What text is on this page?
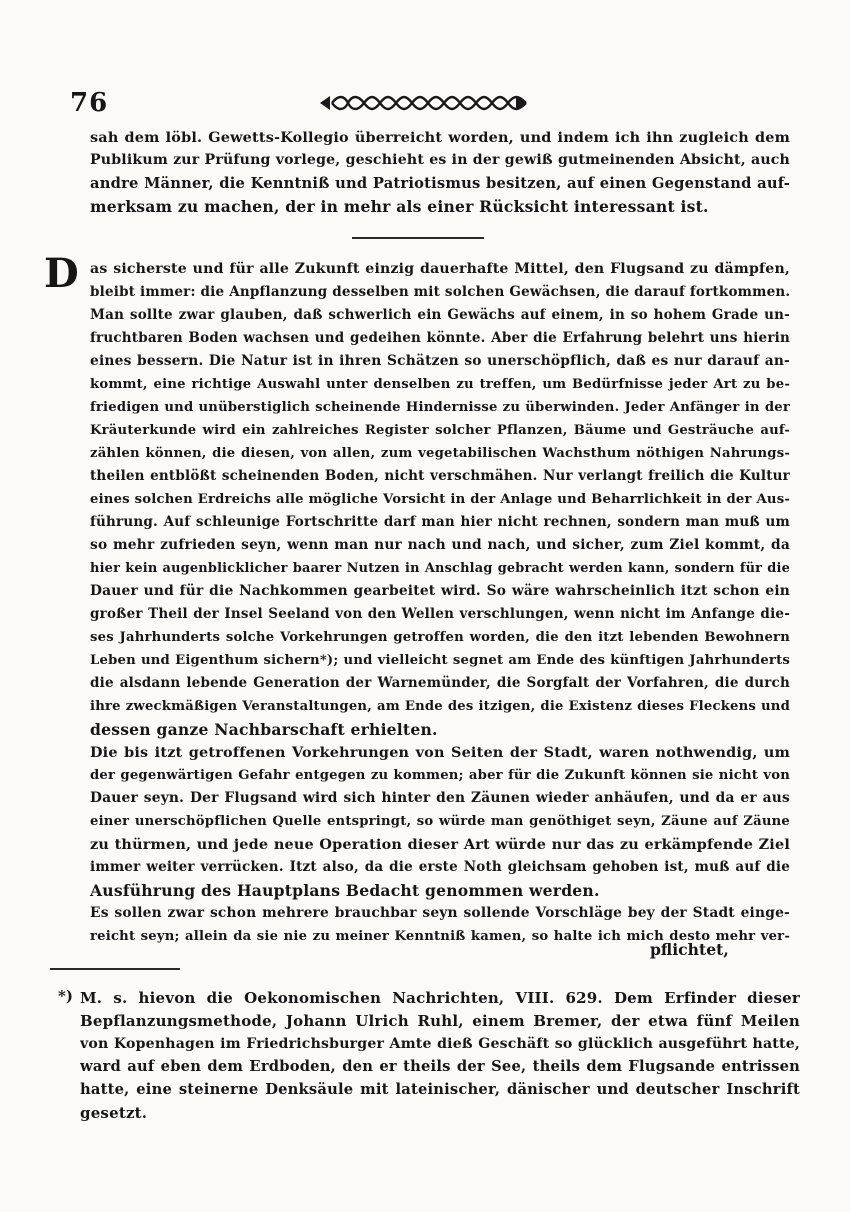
76
sah dem löbl. Gewetts-Kollegio überreicht worden, und indem ich ihn zugleich dem
Publikum zur Prüfung vorlege, geschieht es in der gewiß gutmeinenden Absicht, auch
andre Männer, die Kenntniß und Patriotismus besitzen, auf einen Gegenstand auf-
merksam zu machen, der in mehr als einer Rücksicht interessant ist.
D as sicherste und für alle Zukunft einzig dauerhafte Mittel, den Flugsand zu dämpfen,
bleibt immer: die Anpflanzung desselben mit solchen Gewächsen, die darauf fortkommen.
Man sollte zwar glauben, daß schwerlich ein Gewächs auf einem, in so hohem Grade un-
fruchtbaren Boden wachsen und gedeihen könnte. Aber die Erfahrung belehrt uns hierin
eines bessern. Die Natur ist in ihren Schätzen so unerschöpflich, daß es nur darauf an-
kommt, eine richtige Auswahl unter denselben zu treffen, um Bedürfnisse jeder Art zu be-
friedigen und unüberstiglich scheinende Hindernisse zu überwinden. Jeder Anfänger in der
Kräuterkunde wird ein zahlreiches Register solcher Pflanzen, Bäume und Gesträuche auf-
zählen können, die diesen, von allen, zum vegetabilischen Wachsthum nöthigen Nahrungs-
theilen entblößt scheinenden Boden, nicht verschmähen. Nur verlangt freilich die Kultur
eines solchen Erdreichs alle mögliche Vorsicht in der Anlage und Beharrlichkeit in der Aus-
führung. Auf schleunige Fortschritte darf man hier nicht rechnen, sondern man muß um
so mehr zufrieden seyn, wenn man nur nach und nach, und sicher, zum Ziel kommt, da
hier kein augenblicklicher baarer Nutzen in Anschlag gebracht werden kann, sondern für die
Dauer und für die Nachkommen gearbeitet wird. So wäre wahrscheinlich itzt schon ein
großer Theil der Insel Seeland von den Wellen verschlungen, wenn nicht im Anfange die-
ses Jahrhunderts solche Vorkehrungen getroffen worden, die den itzt lebenden Bewohnern
Leben und Eigenthum sichern*); und vielleicht segnet am Ende des künftigen Jahrhunderts
die alsdann lebende Generation der Warnemünder, die Sorgfalt der Vorfahren, die durch
ihre zweckmäßigen Veranstaltungen, am Ende des itzigen, die Existenz dieses Fleckens und
dessen ganze Nachbarschaft erhielten.
Die bis itzt getroffenen Vorkehrungen von Seiten der Stadt, waren nothwendig, um
der gegenwärtigen Gefahr entgegen zu kommen; aber für die Zukunft können sie nicht von
Dauer seyn. Der Flugsand wird sich hinter den Zäunen wieder anhäufen, und da er aus
einer unerschöpflichen Quelle entspringt, so würde man genöthiget seyn, Zäune auf Zäune
zu thürmen, und jede neue Operation dieser Art würde nur das zu erkämpfende Ziel
immer weiter verrücken. Itzt also, da die erste Noth gleichsam gehoben ist, muß auf die
Ausführung des Hauptplans Bedacht genommen werden.
Es sollen zwar schon mehrere brauchbar seyn sollende Vorschläge bey der Stadt einge-
reicht seyn; allein da sie nie zu meiner Kenntniß kamen, so halte ich mich desto mehr ver-
pflichtet,
*) M. s. hievon die Oekonomischen Nachrichten, VIII. 629. Dem Erfinder dieser
Bepflanzungsmethode, Johann Ulrich Ruhl, einem Bremer, der etwa fünf Meilen
von Kopenhagen im Friedrichsburger Amte dieß Geschäft so glücklich ausgeführt hatte,
ward auf eben dem Erdboden, den er theils der See, theils dem Flugsande entrissen
hatte, eine steinerne Denksäule mit lateinischer, dänischer und deutscher Inschrift
gesetzt.
